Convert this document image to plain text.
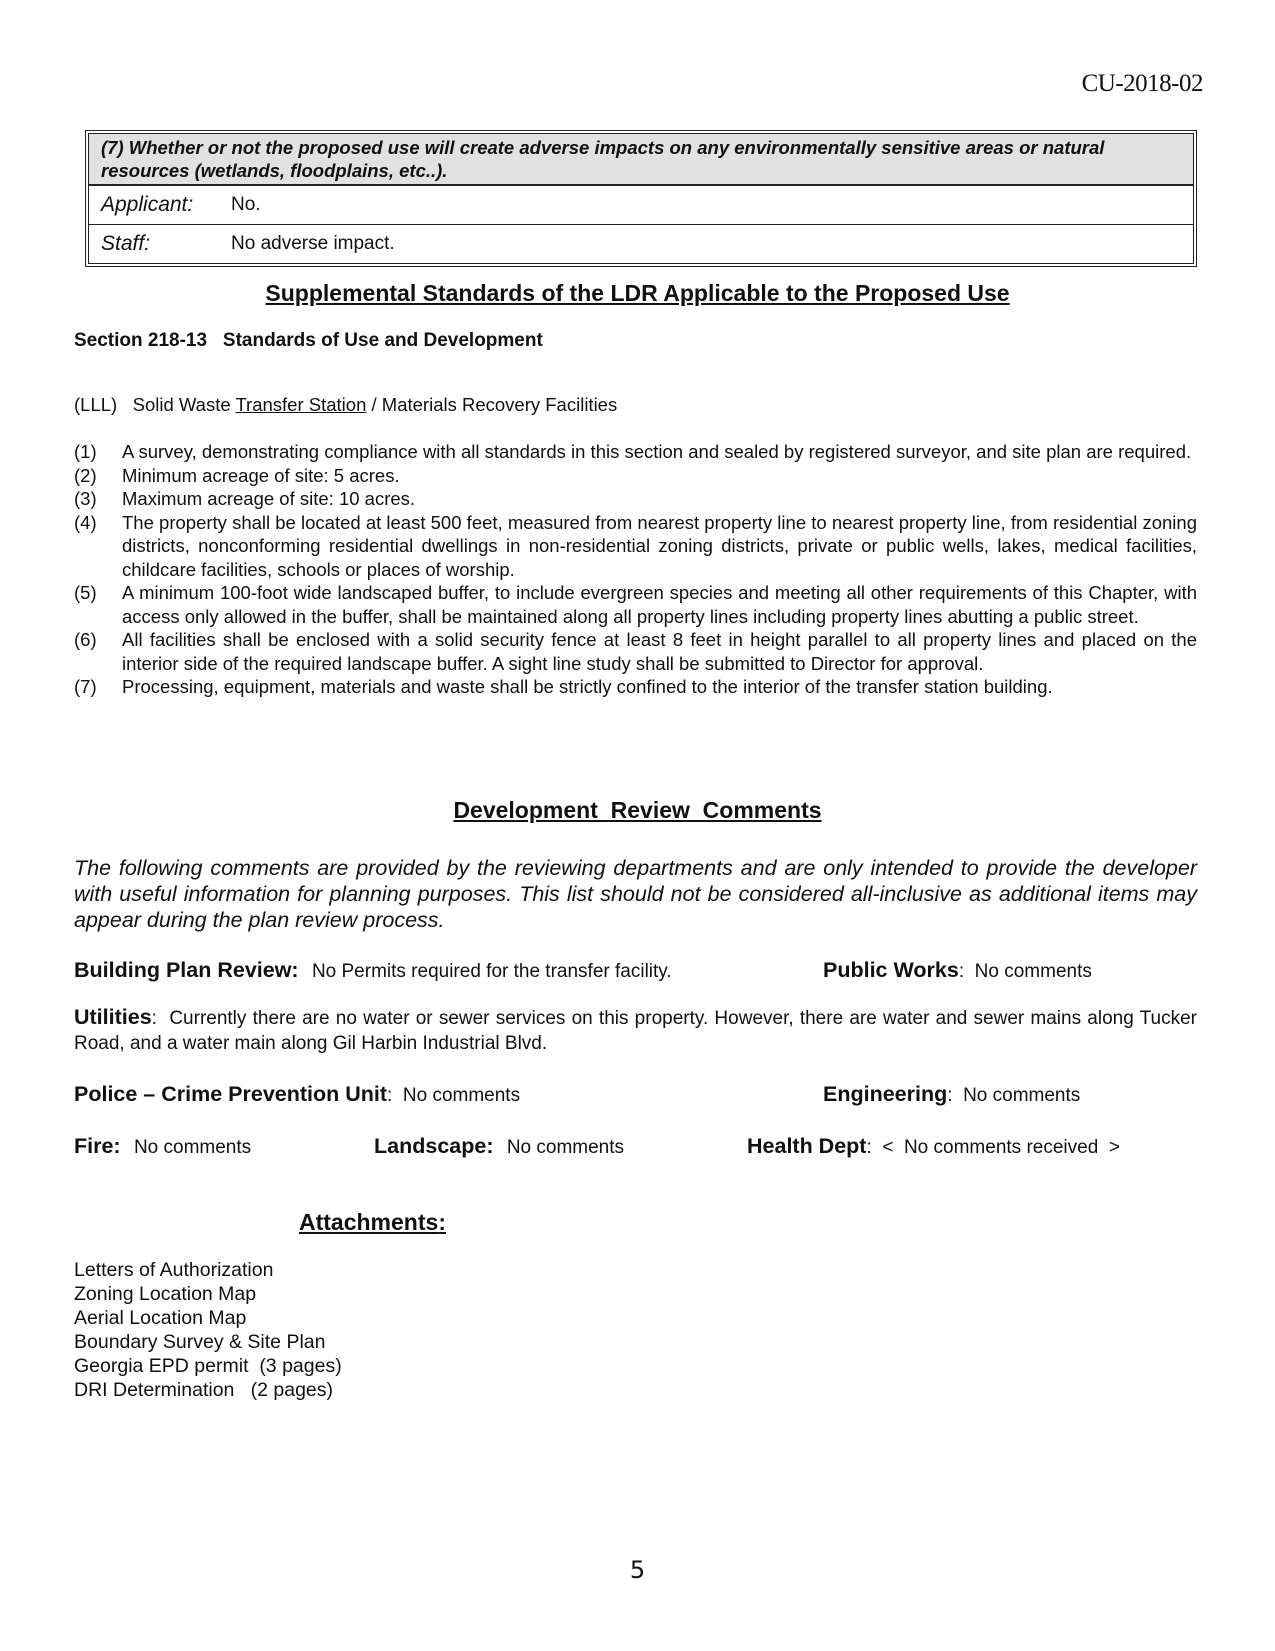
CU-2018-02
(7) Whether or not the proposed use will create adverse impacts on any environmentally sensitive areas or natural resources (wetlands, floodplains, etc..).
Applicant:	No.
Staff:	No adverse impact.
Supplemental Standards of the LDR Applicable to the Proposed Use
Section 218-13   Standards of Use and Development
(LLL)   Solid Waste Transfer Station / Materials Recovery Facilities
(1)	A survey, demonstrating compliance with all standards in this section and sealed by registered surveyor, and site plan are required.
(2)	Minimum acreage of site: 5 acres.
(3)	Maximum acreage of site: 10 acres.
(4)	The property shall be located at least 500 feet, measured from nearest property line to nearest property line, from residential zoning districts, nonconforming residential dwellings in non-residential zoning districts, private or public wells, lakes, medical facilities, childcare facilities, schools or places of worship.
(5)	A minimum 100-foot wide landscaped buffer, to include evergreen species and meeting all other requirements of this Chapter, with access only allowed in the buffer, shall be maintained along all property lines including property lines abutting a public street.
(6)	All facilities shall be enclosed with a solid security fence at least 8 feet in height parallel to all property lines and placed on the interior side of the required landscape buffer. A sight line study shall be submitted to Director for approval.
(7)	Processing, equipment, materials and waste shall be strictly confined to the interior of the transfer station building.
Development  Review  Comments
The following comments are provided by the reviewing departments and are only intended to provide the developer with useful information for planning purposes. This list should not be considered all-inclusive as additional items may appear during the plan review process.
Building Plan Review: No Permits required for the transfer facility.	Public Works:  No comments
Utilities:  Currently there are no water or sewer services on this property. However, there are water and sewer mains along Tucker Road, and a water main along Gil Harbin Industrial Blvd.
Police – Crime Prevention Unit:  No comments	Engineering:  No comments
Fire: No comments	Landscape: No comments	Health Dept:  <  No comments received  >
Attachments:
Letters of Authorization
Zoning Location Map
Aerial Location Map
Boundary Survey & Site Plan
Georgia EPD permit  (3 pages)
DRI Determination   (2 pages)
5
